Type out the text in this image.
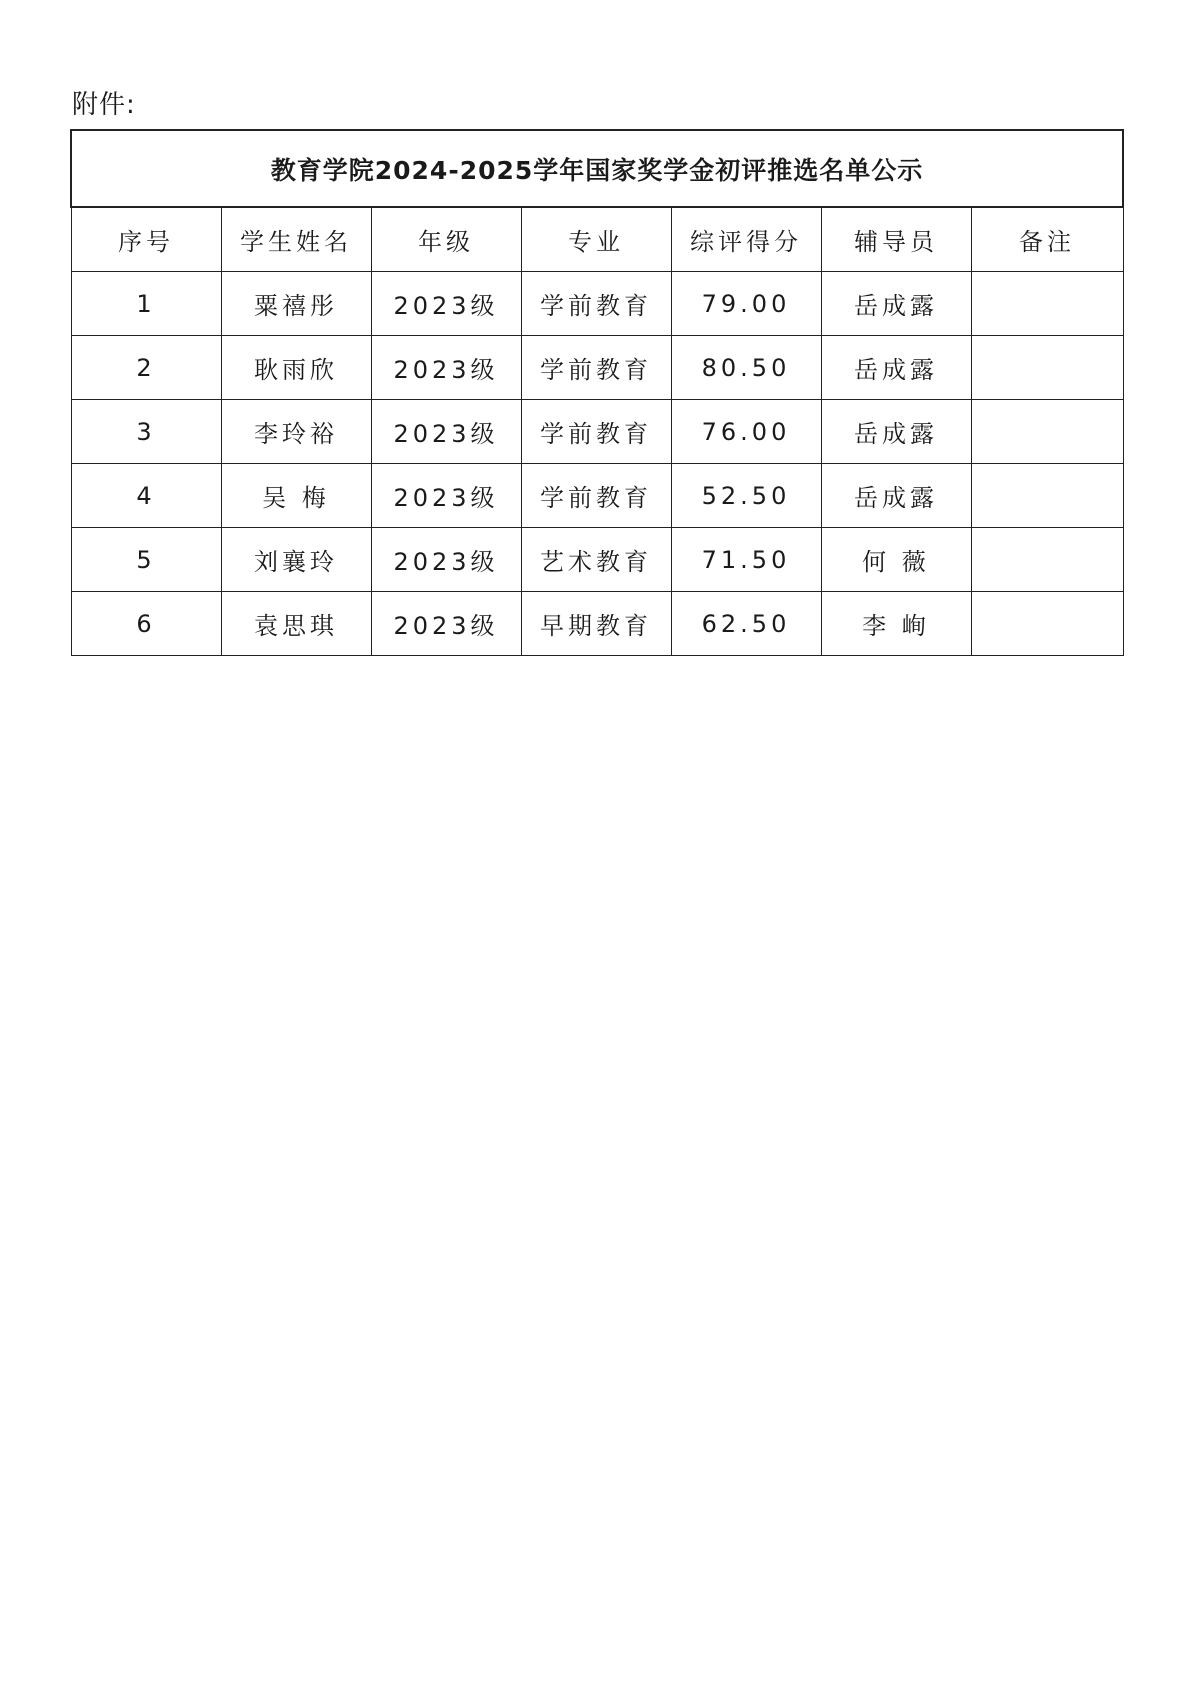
附件:
教育学院2024-2025学年国家奖学金初评推选名单公示						
序号	学生姓名	年级	专业	综评得分	辅导员	备注
1	粟禧彤	2023级	学前教育	79.00	岳成露	
2	耿雨欣	2023级	学前教育	80.50	岳成露	
3	李玲裕	2023级	学前教育	76.00	岳成露	
4	吴 梅	2023级	学前教育	52.50	岳成露	
5	刘襄玲	2023级	艺术教育	71.50	何 薇	
6	袁思琪	2023级	早期教育	62.50	李 峋	
